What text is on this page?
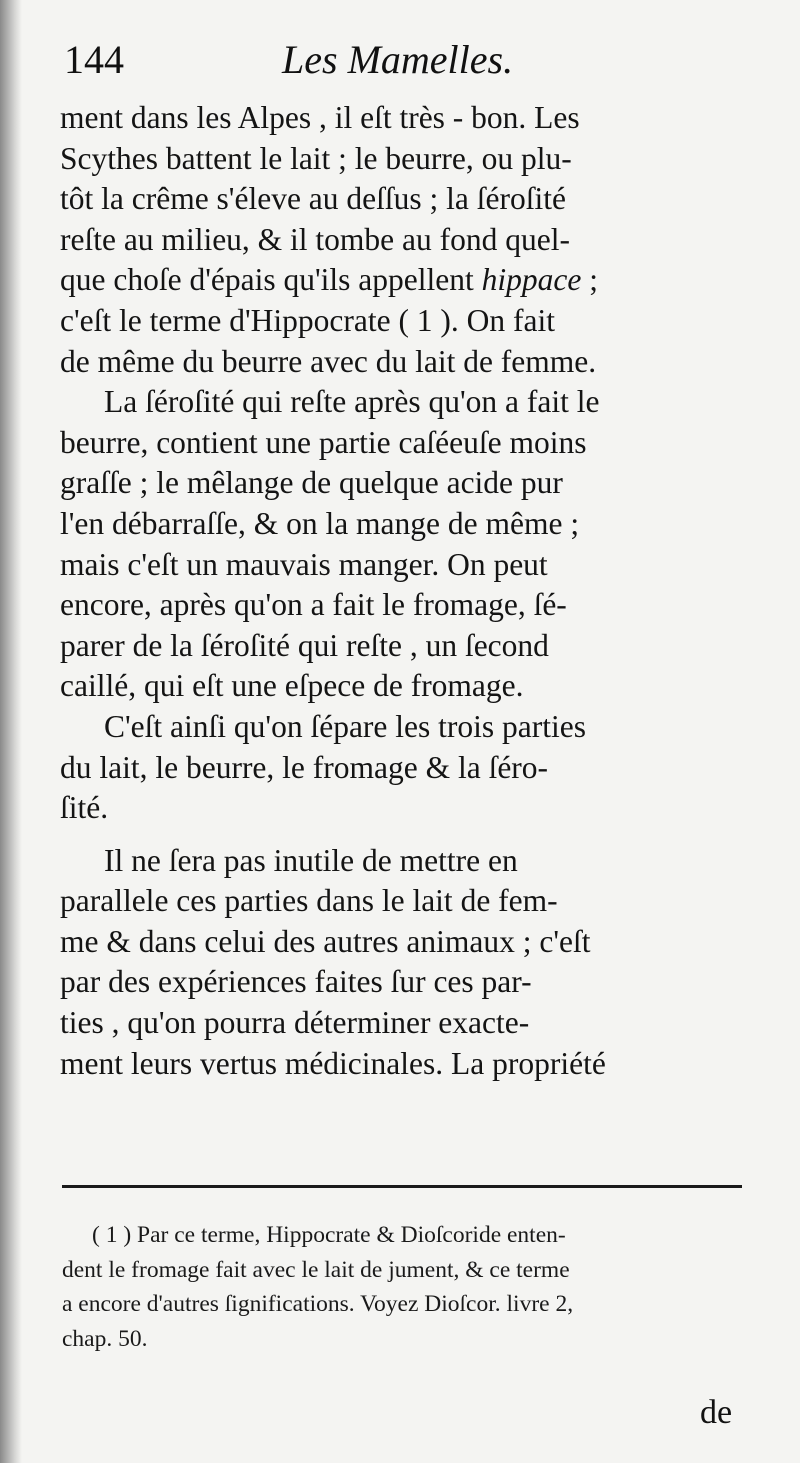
144	Les Mamelles.
ment dans les Alpes , il eſt très - bon. Les
Scythes battent le lait ; le beurre, ou plu-
tôt la crême s'éleve au deſſus ; la ſéroſité
reſte au milieu, & il tombe au fond quel-
que choſe d'épais qu'ils appellent hippace ;
c'eſt le terme d'Hippocrate ( 1 ). On fait
de même du beurre avec du lait de femme.
La ſéroſité qui reſte après qu'on a fait le
beurre, contient une partie caſéeuſe moins
graſſe ; le mêlange de quelque acide pur
l'en débarraſſe, & on la mange de même ;
mais c'eſt un mauvais manger. On peut
encore, après qu'on a fait le fromage, ſé-
parer de la ſéroſité qui reſte , un ſecond
caillé, qui eſt une eſpece de fromage.
C'eſt ainſi qu'on ſépare les trois parties
du lait, le beurre, le fromage & la ſéro-
ſité.
Il ne ſera pas inutile de mettre en
parallele ces parties dans le lait de fem-
me & dans celui des autres animaux ; c'eſt
par des expériences faites ſur ces par-
ties , qu'on pourra déterminer exacte-
ment leurs vertus médicinales. La propriété

( 1 ) Par ce terme, Hippocrate & Dioſcoride enten-

dent le fromage fait avec le lait de jument, & ce terme
a encore d'autres ſignifications. Voyez Dioſcor. livre 2,
chap. 50.
de
